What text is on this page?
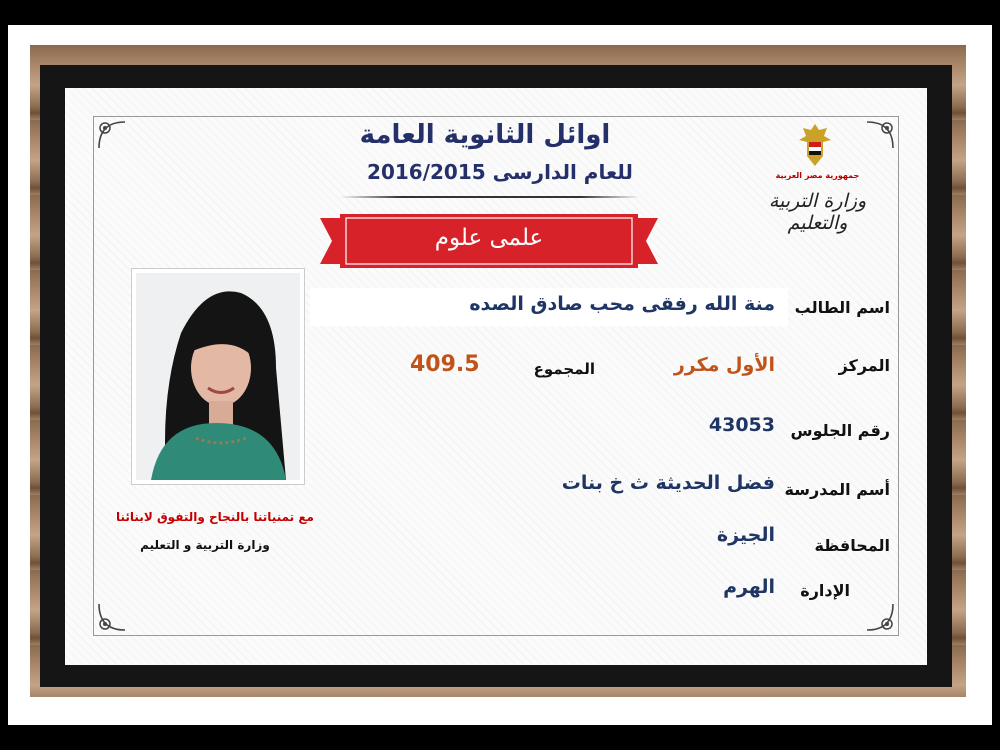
اوائل الثانوية العامة
للعام الدارسى 2016/2015
علمى علوم
جمهورية مصر العربية
وزارة التربية والتعليم
مع تمنياتنا بالنجاح والتفوق لابنائنا
وزارة التربية و التعليم
اسم الطالب
منة الله رفقى محب صادق الصده
المركز
الأول مكرر
المجموع
409.5
رقم الجلوس
43053
أسم المدرسة
فضل الحديثة ث خ بنات
المحافظة
الجيزة
الإدارة
الهرم
